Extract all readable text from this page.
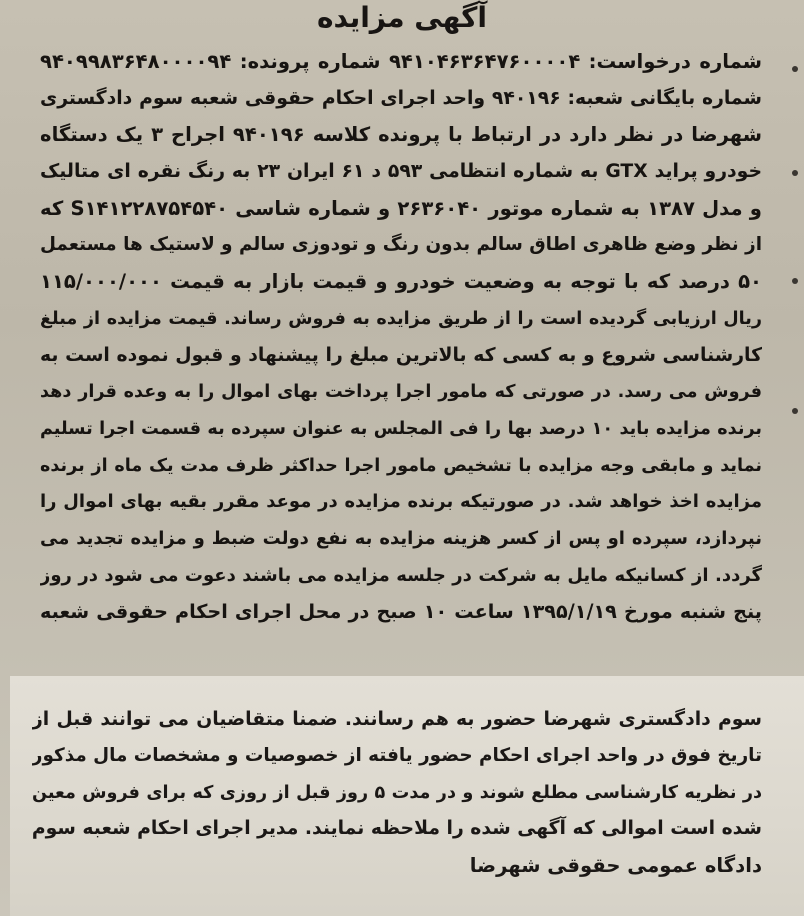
آگهی مزایده
شماره درخواست: ۹۴۱۰۴۶۳۶۴۷۶۰۰۰۰۴ شماره پرونده: ۹۴۰۹۹۸۳۶۴۸۰۰۰۰۹۴
شماره بایگانی شعبه: ۹۴۰۱۹۶ واحد اجرای احکام حقوقی شعبه سوم دادگستری
شهرضا در نظر دارد در ارتباط با پرونده کلاسه ۹۴۰۱۹۶ اجراح ۳ یک دستگاه
خودرو پراید GTX به شماره انتظامی ۵۹۳ د ۶۱ ایران ۲۳ به رنگ نقره ای متالیک
و مدل ۱۳۸۷ به شماره موتور ۲۶۳۶۰۴۰ و شماره شاسی S۱۴۱۲۲۸۷۵۴۵۴۰ که
از نظر وضع ظاهری اطاق سالم بدون رنگ و تودوزی سالم و لاستیک ها مستعمل
۵۰ درصد که با توجه به وضعیت خودرو و قیمت بازار به قیمت ۱۱۵/۰۰۰/۰۰۰
ریال ارزیابی گردیده است را از طریق مزایده به فروش رساند. قیمت مزایده از مبلغ
کارشناسی شروع و به کسی که بالاترین مبلغ را پیشنهاد و قبول نموده است به
فروش می رسد. در صورتی که مامور اجرا پرداخت بهای اموال را به وعده قرار دهد
برنده مزایده باید ۱۰ درصد بها را فی المجلس به عنوان سپرده به قسمت اجرا تسلیم
نماید و مابقی وجه مزایده با تشخیص مامور اجرا حداکثر ظرف مدت یک ماه از برنده
مزایده اخذ خواهد شد. در صورتیکه برنده مزایده در موعد مقرر بقیه بهای اموال را
نپردازد، سپرده او پس از کسر هزینه مزایده به نفع دولت ضبط و مزایده تجدید می
گردد. از کسانیکه مایل به شرکت در جلسه مزایده می باشند دعوت می شود در روز
پنج شنبه مورخ ۱۳۹۵/۱/۱۹ ساعت ۱۰ صبح در محل اجرای احکام حقوقی شعبه
سوم دادگستری شهرضا حضور به هم رسانند. ضمنا متقاضیان می توانند قبل از
تاریخ فوق در واحد اجرای احکام حضور یافته از خصوصیات و مشخصات مال مذکور
در نظریه کارشناسی مطلع شوند و در مدت ۵ روز قبل از روزی که برای فروش معین
شده است اموالی که آگهی شده را ملاحظه نمایند. مدیر اجرای احکام شعبه سوم
دادگاه عمومی حقوقی شهرضا
